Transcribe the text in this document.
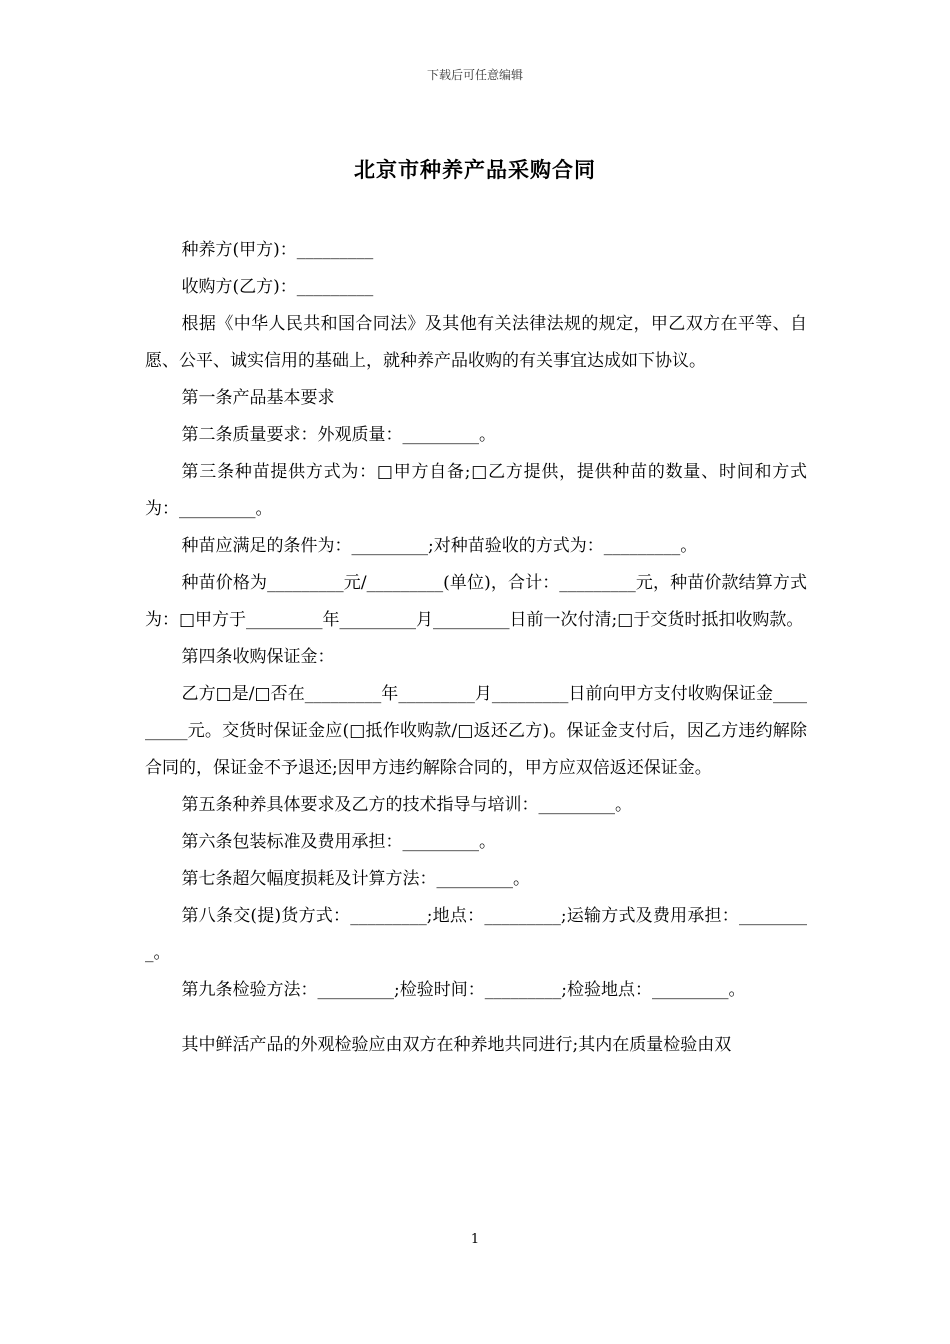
下载后可任意编辑
北京市种养产品采购合同

种养方(甲方)：_________

收购方(乙方)：_________

根据《中华人民共和国合同法》及其他有关法律法规的规定，甲乙双方在平等、自愿、公平、诚实信用的基础上，就种养产品收购的有关事宜达成如下协议。

第一条产品基本要求

第二条质量要求：外观质量：_________。

第三条种苗提供方式为：□甲方自备;□乙方提供，提供种苗的数量、时间和方式为：_________。

种苗应满足的条件为：_________;对种苗验收的方式为：_________。

种苗价格为_________元/_________(单位)，合计：_________元，种苗价款结算方式为：□甲方于_________年_________月_________日前一次付清;□于交货时抵扣收购款。

第四条收购保证金：

乙方□是/□否在_________年_________月_________日前向甲方支付收购保证金_________元。交货时保证金应(□抵作收购款/□返还乙方)。保证金支付后，因乙方违约解除合同的，保证金不予退还;因甲方违约解除合同的，甲方应双倍返还保证金。

第五条种养具体要求及乙方的技术指导与培训：_________。

第六条包装标准及费用承担：_________。

第七条超欠幅度损耗及计算方法：_________。

第八条交(提)货方式：_________;地点：_________;运输方式及费用承担：_________。

第九条检验方法：_________;检验时间：_________;检验地点：_________。

其中鲜活产品的外观检验应由双方在种养地共同进行;其内在质量检验由双

1
